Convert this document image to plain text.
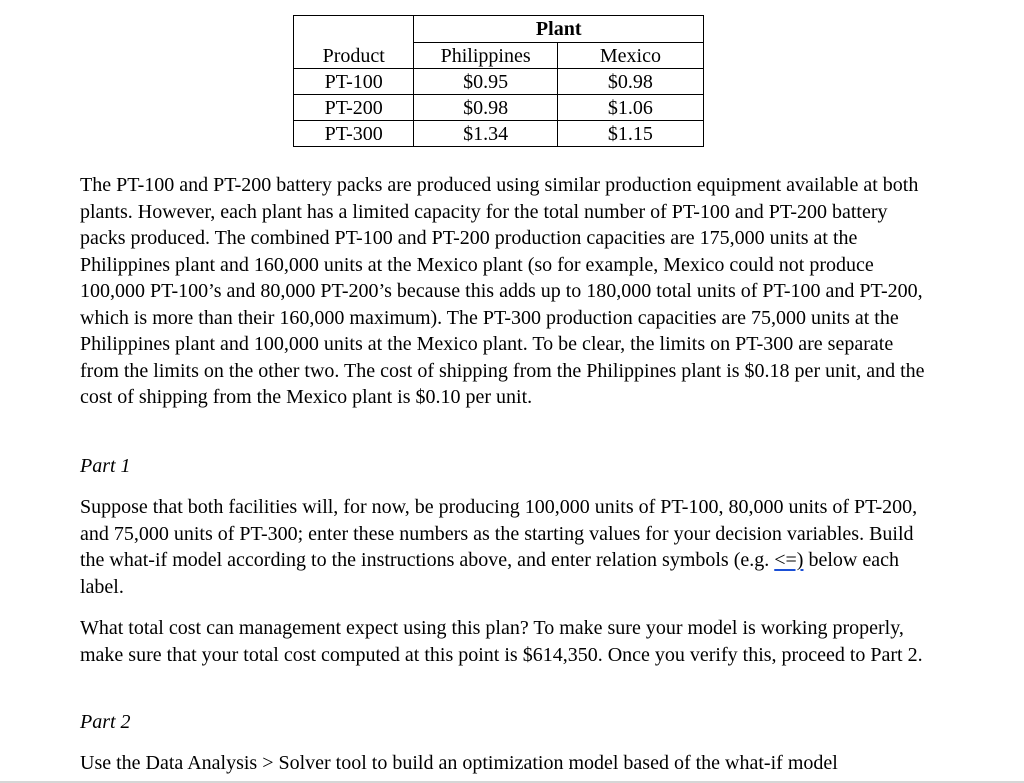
	Plant	
Product	Philippines	Mexico
PT-100	$0.95	$0.98
PT-200	$0.98	$1.06
PT-300	$1.34	$1.15

The PT-100 and PT-200 battery packs are produced using similar production equipment available at both plants. However, each plant has a limited capacity for the total number of PT-100 and PT-200 battery packs produced. The combined PT-100 and PT-200 production capacities are 175,000 units at the Philippines plant and 160,000 units at the Mexico plant (so for example, Mexico could not produce 100,000 PT-100’s and 80,000 PT-200’s because this adds up to 180,000 total units of PT-100 and PT-200, which is more than their 160,000 maximum). The PT-300 production capacities are 75,000 units at the Philippines plant and 100,000 units at the Mexico plant. To be clear, the limits on PT-300 are separate from the limits on the other two. The cost of shipping from the Philippines plant is $0.18 per unit, and the cost of shipping from the Mexico plant is $0.10 per unit.

Part 1

Suppose that both facilities will, for now, be producing 100,000 units of PT-100, 80,000 units of PT-200, and 75,000 units of PT-300; enter these numbers as the starting values for your decision variables. Build the what-if model according to the instructions above, and enter relation symbols (e.g. <=) below each label.

What total cost can management expect using this plan? To make sure your model is working properly, make sure that your total cost computed at this point is $614,350. Once you verify this, proceed to Part 2.

Part 2

Use the Data Analysis > Solver tool to build an optimization model based of the what-if model
